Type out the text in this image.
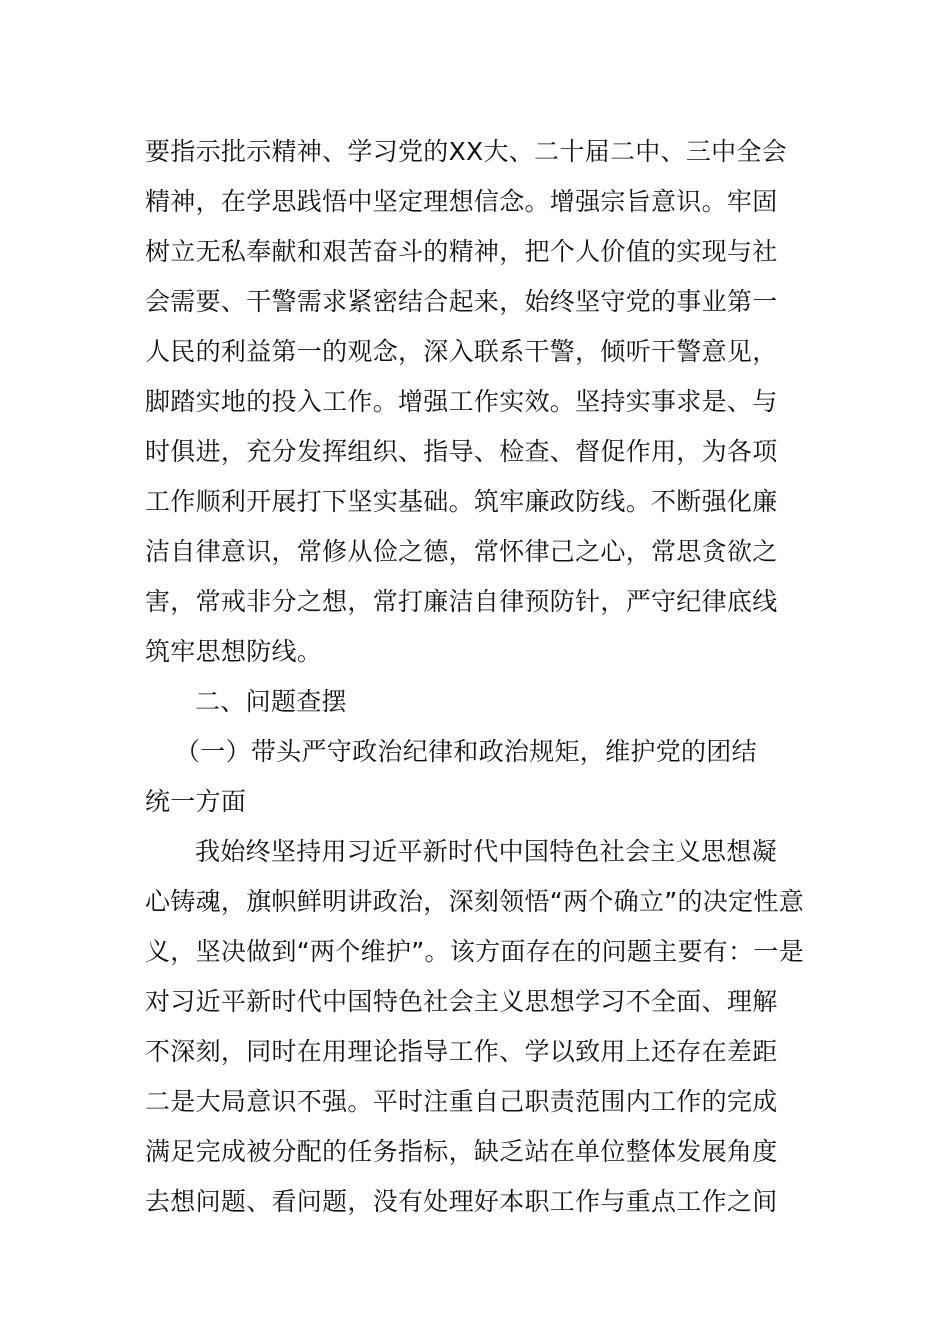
要指示批示精神、学习党的XX大、二十届二中、三中全会
精神，在学思践悟中坚定理想信念。增强宗旨意识。牢固
树立无私奉献和艰苦奋斗的精神，把个人价值的实现与社
会需要、干警需求紧密结合起来，始终坚守党的事业第一
人民的利益第一的观念，深入联系干警，倾听干警意见，
脚踏实地的投入工作。增强工作实效。坚持实事求是、与
时俱进，充分发挥组织、指导、检查、督促作用，为各项
工作顺利开展打下坚实基础。筑牢廉政防线。不断强化廉
洁自律意识，常修从俭之德，常怀律己之心，常思贪欲之
害，常戒非分之想，常打廉洁自律预防针，严守纪律底线
筑牢思想防线。
二、问题查摆
（一）带头严守政治纪律和政治规矩，维护党的团结
统一方面
我始终坚持用习近平新时代中国特色社会主义思想凝
心铸魂，旗帜鲜明讲政治，深刻领悟“两个确立”的决定性意
义，坚决做到“两个维护”。该方面存在的问题主要有：一是
对习近平新时代中国特色社会主义思想学习不全面、理解
不深刻，同时在用理论指导工作、学以致用上还存在差距
二是大局意识不强。平时注重自己职责范围内工作的完成
满足完成被分配的任务指标，缺乏站在单位整体发展角度
去想问题、看问题，没有处理好本职工作与重点工作之间
